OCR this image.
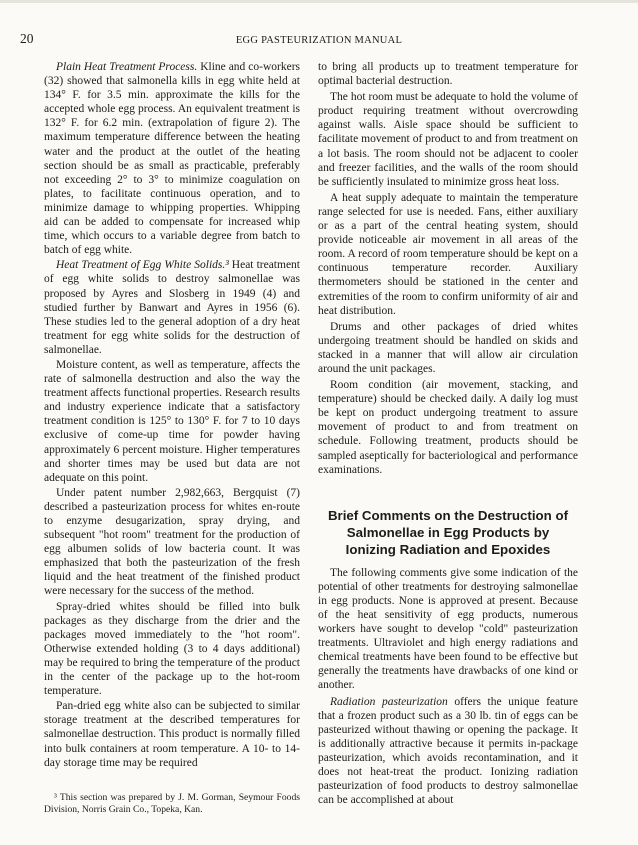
20	EGG PASTEURIZATION MANUAL

Plain Heat Treatment Process. Kline and co-workers (32) showed that salmonella kills in egg white held at 134° F. for 3.5 min. approximate the kills for the accepted whole egg process. An equivalent treatment is 132° F. for 6.2 min. (extrapolation of figure 2). The maximum temperature difference between the heating water and the product at the outlet of the heating section should be as small as practicable, preferably not exceeding 2° to 3° to minimize coagulation on plates, to facilitate continuous operation, and to minimize damage to whipping properties. Whipping aid can be added to compensate for increased whip time, which occurs to a variable degree from batch to batch of egg white.

Heat Treatment of Egg White Solids.³ Heat treatment of egg white solids to destroy salmonellae was proposed by Ayres and Slosberg in 1949 (4) and studied further by Banwart and Ayres in 1956 (6). These studies led to the general adoption of a dry heat treatment for egg white solids for the destruction of salmonellae.

Moisture content, as well as temperature, affects the rate of salmonella destruction and also the way the treatment affects functional properties. Research results and industry experience indicate that a satisfactory treatment condition is 125° to 130° F. for 7 to 10 days exclusive of come-up time for powder having approximately 6 percent moisture. Higher temperatures and shorter times may be used but data are not adequate on this point.

Under patent number 2,982,663, Bergquist (7) described a pasteurization process for whites en-route to enzyme desugarization, spray drying, and subsequent "hot room" treatment for the production of egg albumen solids of low bacteria count. It was emphasized that both the pasteurization of the fresh liquid and the heat treatment of the finished product were necessary for the success of the method.

Spray-dried whites should be filled into bulk packages as they discharge from the drier and the packages moved immediately to the "hot room". Otherwise extended holding (3 to 4 days additional) may be required to bring the temperature of the product in the center of the package up to the hot-room temperature.

Pan-dried egg white also can be subjected to similar storage treatment at the described temperatures for salmonellae destruction. This product is normally filled into bulk containers at room temperature. A 10- to 14-day storage time may be required

³ This section was prepared by J. M. Gorman, Seymour Foods Division, Norris Grain Co., Topeka, Kan.

to bring all products up to treatment temperature for optimal bacterial destruction.

The hot room must be adequate to hold the volume of product requiring treatment without overcrowding against walls. Aisle space should be sufficient to facilitate movement of product to and from treatment on a lot basis. The room should not be adjacent to cooler and freezer facilities, and the walls of the room should be sufficiently insulated to minimize gross heat loss.

A heat supply adequate to maintain the temperature range selected for use is needed. Fans, either auxiliary or as a part of the central heating system, should provide noticeable air movement in all areas of the room. A record of room temperature should be kept on a continuous temperature recorder. Auxiliary thermometers should be stationed in the center and extremities of the room to confirm uniformity of air and heat distribution.

Drums and other packages of dried whites undergoing treatment should be handled on skids and stacked in a manner that will allow air circulation around the unit packages.

Room condition (air movement, stacking, and temperature) should be checked daily. A daily log must be kept on product undergoing treatment to assure movement of product to and from treatment on schedule. Following treatment, products should be sampled aseptically for bacteriological and performance examinations.

Brief Comments on the Destruction of Salmonellae in Egg Products by Ionizing Radiation and Epoxides

The following comments give some indication of the potential of other treatments for destroying salmonellae in egg products. None is approved at present. Because of the heat sensitivity of egg products, numerous workers have sought to develop "cold" pasteurization treatments. Ultraviolet and high energy radiations and chemical treatments have been found to be effective but generally the treatments have drawbacks of one kind or another.

Radiation pasteurization offers the unique feature that a frozen product such as a 30 lb. tin of eggs can be pasteurized without thawing or opening the package. It is additionally attractive because it permits in-package pasteurization, which avoids recontamination, and it does not heat-treat the product. Ionizing radiation pasteurization of food products to destroy salmonellae can be accomplished at about
